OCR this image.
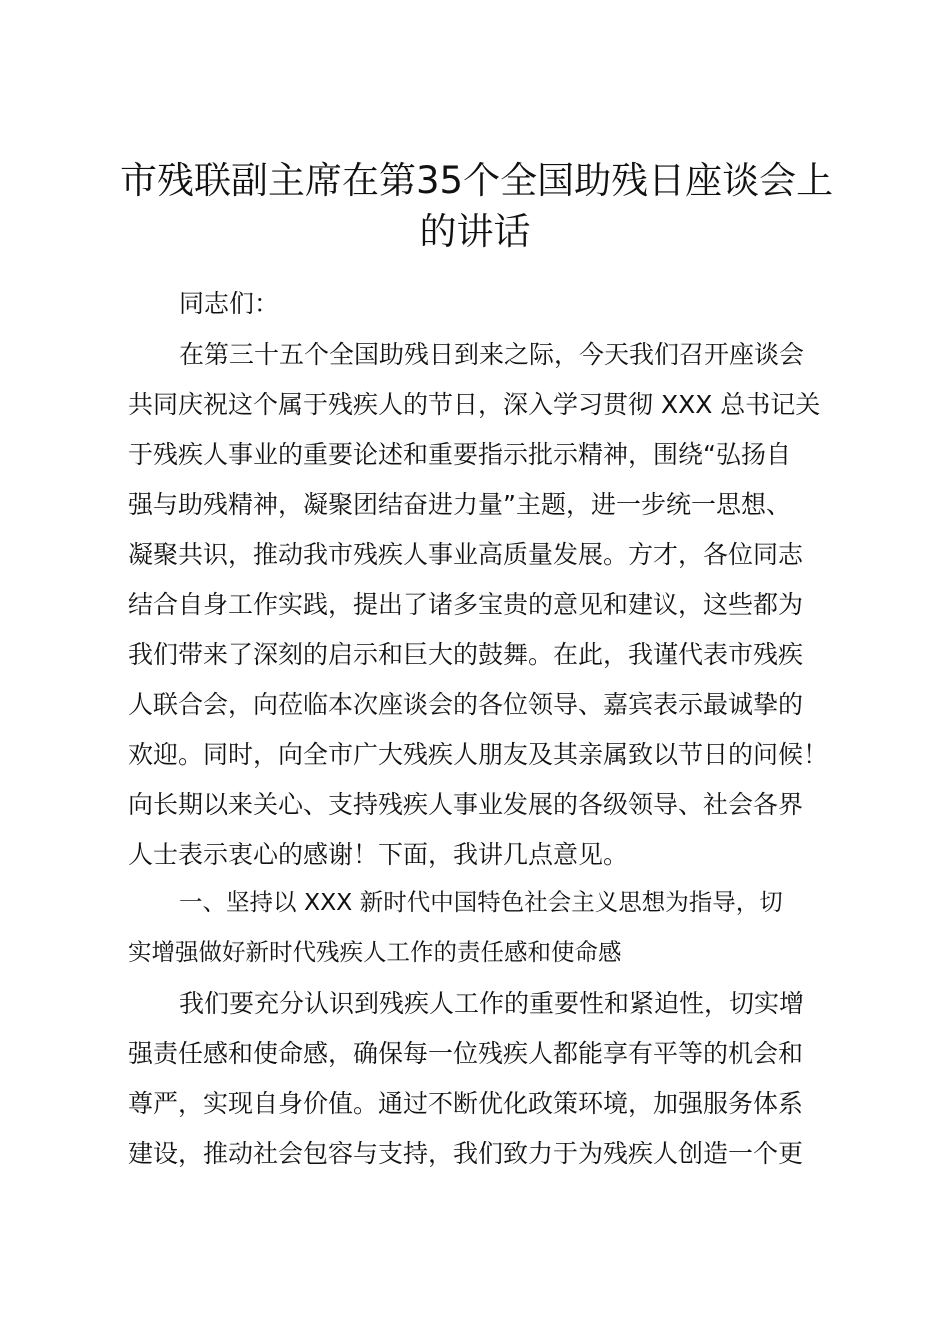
市残联副主席在第35个全国助残日座谈会上
的讲话

同志们：

在第三十五个全国助残日到来之际，今天我们召开座谈会

共同庆祝这个属于残疾人的节日，深入学习贯彻 XXX 总书记关

于残疾人事业的重要论述和重要指示批示精神，围绕“弘扬自

强与助残精神，凝聚团结奋进力量”主题，进一步统一思想、

凝聚共识，推动我市残疾人事业高质量发展。方才，各位同志

结合自身工作实践，提出了诸多宝贵的意见和建议，这些都为

我们带来了深刻的启示和巨大的鼓舞。在此，我谨代表市残疾

人联合会，向莅临本次座谈会的各位领导、嘉宾表示最诚挚的

欢迎。同时，向全市广大残疾人朋友及其亲属致以节日的问候！

向长期以来关心、支持残疾人事业发展的各级领导、社会各界

人士表示衷心的感谢！下面，我讲几点意见。

一、坚持以 XXX 新时代中国特色社会主义思想为指导，切

实增强做好新时代残疾人工作的责任感和使命感

我们要充分认识到残疾人工作的重要性和紧迫性，切实增

强责任感和使命感，确保每一位残疾人都能享有平等的机会和

尊严，实现自身价值。通过不断优化政策环境，加强服务体系

建设，推动社会包容与支持，我们致力于为残疾人创造一个更
